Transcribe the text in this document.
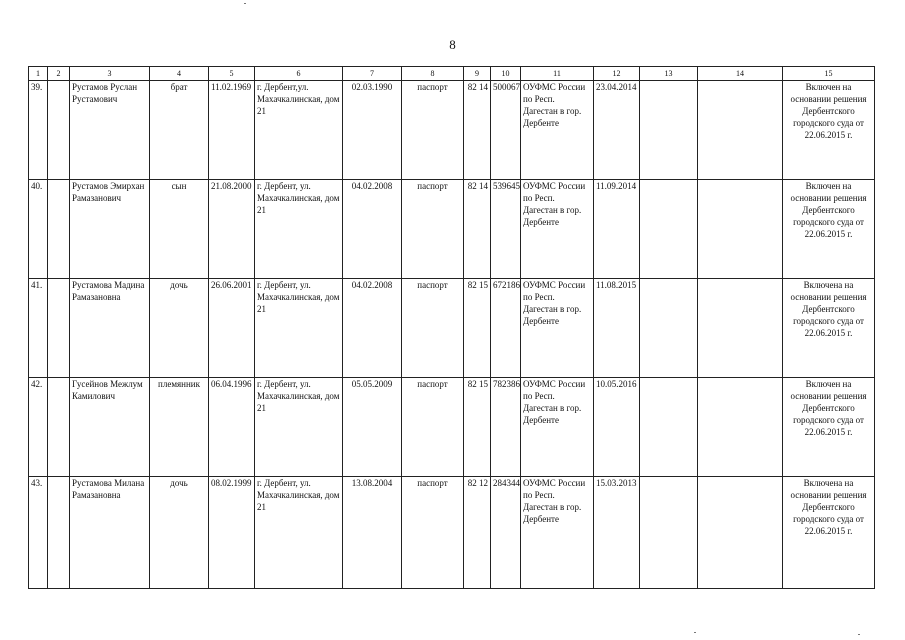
8
1	2	3	4	5	6	7	8	9	10	11	12	13	14	15
39.		Рустамов Руслан Рустамович	брат	11.02.1969	г. Дербент,ул. Махачкалинская, дом 21	02.03.1990	паспорт	82 14	500067	ОУФМС России по Респ. Дагестан в гор. Дербенте	23.04.2014			Включен на основании решения Дербентского городского суда от 22.06.2015 г.
40.		Рустамов Эмирхан Рамазанович	сын	21.08.2000	г. Дербент, ул. Махачкалинская, дом 21	04.02.2008	паспорт	82 14	539645	ОУФМС России по Респ. Дагестан в гор. Дербенте	11.09.2014			Включен на основании решения Дербентского городского суда от 22.06.2015 г.
41.		Рустамова Мадина Рамазановна	дочь	26.06.2001	г. Дербент, ул. Махачкалинская, дом 21	04.02.2008	паспорт	82 15	672186	ОУФМС России по Респ. Дагестан в гор. Дербенте	11.08.2015			Включена на основании решения Дербентского городского суда от 22.06.2015 г.
42.		Гусейнов Межлум Камилович	племянник	06.04.1996	г. Дербент, ул. Махачкалинская, дом 21	05.05.2009	паспорт	82 15	782386	ОУФМС России по Респ. Дагестан в гор. Дербенте	10.05.2016			Включен на основании решения Дербентского городского суда от 22.06.2015 г.
43.		Рустамова Милана Рамазановна	дочь	08.02.1999	г. Дербент, ул. Махачкалинская, дом 21	13.08.2004	паспорт	82 12	284344	ОУФМС России по Респ. Дагестан в гор. Дербенте	15.03.2013			Включена на основании решения Дербентского городского суда от 22.06.2015 г.
